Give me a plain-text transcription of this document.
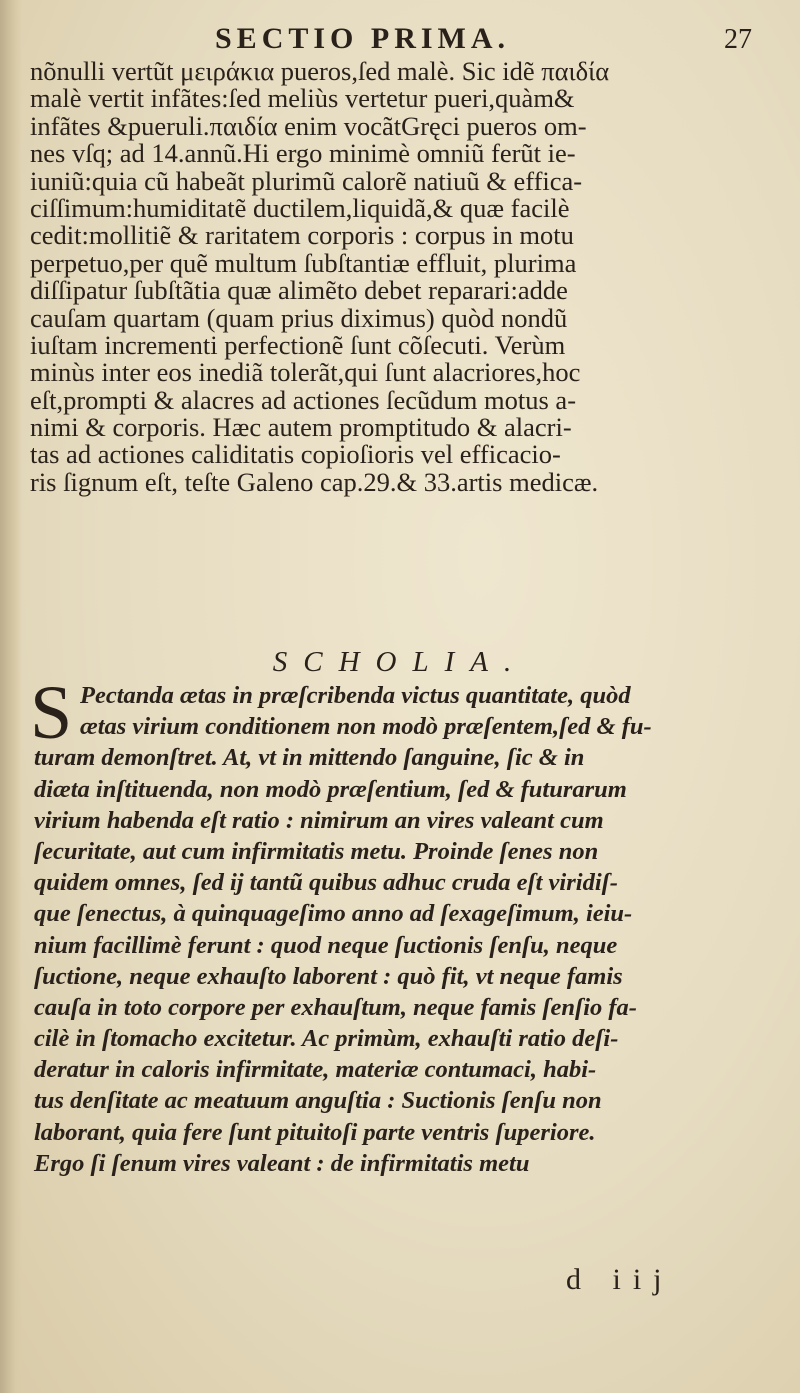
SECTIO PRIMA.	27
nõnulli vertũt μειράκια pueros,ſed malè. Sic idẽ παιδία
malè vertit infãtes:ſed meliùs vertetur pueri,quàm&
infãtes &pueruli.παιδία enim vocãtGręci pueros om-
nes vſq; ad 14.annũ.Hi ergo minimè omniũ ferũt ie-
iuniũ:quia cũ habeãt plurimũ calorẽ natiuũ & effica-
ciſſimum:humiditatẽ ductilem,liquidã,& quæ facilè
cedit:mollitiẽ & raritatem corporis : corpus in motu
perpetuo,per quẽ multum ſubſtantiæ effluit, plurima
diſſipatur ſubſtãtia quæ alimẽto debet reparari:adde
cauſam quartam (quam prius diximus) quòd nondũ
iuſtam incrementi perfectionẽ ſunt cõſecuti. Verùm
minùs inter eos inediã tolerãt,qui ſunt alacriores,hoc
eſt,prompti & alacres ad actiones ſecũdum motus a-
nimi & corporis. Hæc autem promptitudo & alacri-
tas ad actiones caliditatis copioſioris vel efficacio-
ris ſignum eſt, teſte Galeno cap.29.& 33.artis medicæ.
SCHOLIA.
S Pectanda ætas in præſcribenda victus quantitate, quòd
ætas virium conditionem non modò præſentem,ſed & fu-
turam demonſtret. At, vt in mittendo ſanguine, ſic & in
diæta inſtituenda, non modò præſentium, ſed & futurarum
virium habenda eſt ratio : nimirum an vires valeant cum
ſecuritate, aut cum infirmitatis metu. Proinde ſenes non
quidem omnes, ſed ij tantũ quibus adhuc cruda eſt viridiſ-
que ſenectus, à quinquageſimo anno ad ſexageſimum, ieiu-
nium facillimè ferunt : quod neque ſuctionis ſenſu, neque
ſuctione, neque exhauſto laborent : quò fit, vt neque famis
cauſa in toto corpore per exhauſtum, neque famis ſenſio fa-
cilè in ſtomacho excitetur. Ac primùm, exhauſti ratio deſi-
deratur in caloris infirmitate, materiæ contumaci, habi-
tus denſitate ac meatuum anguſtia : Suctionis ſenſu non
laborant, quia fere ſunt pituitoſi parte ventris ſuperiore.
Ergo ſi ſenum vires valeant : de infirmitatis metu
d iij
